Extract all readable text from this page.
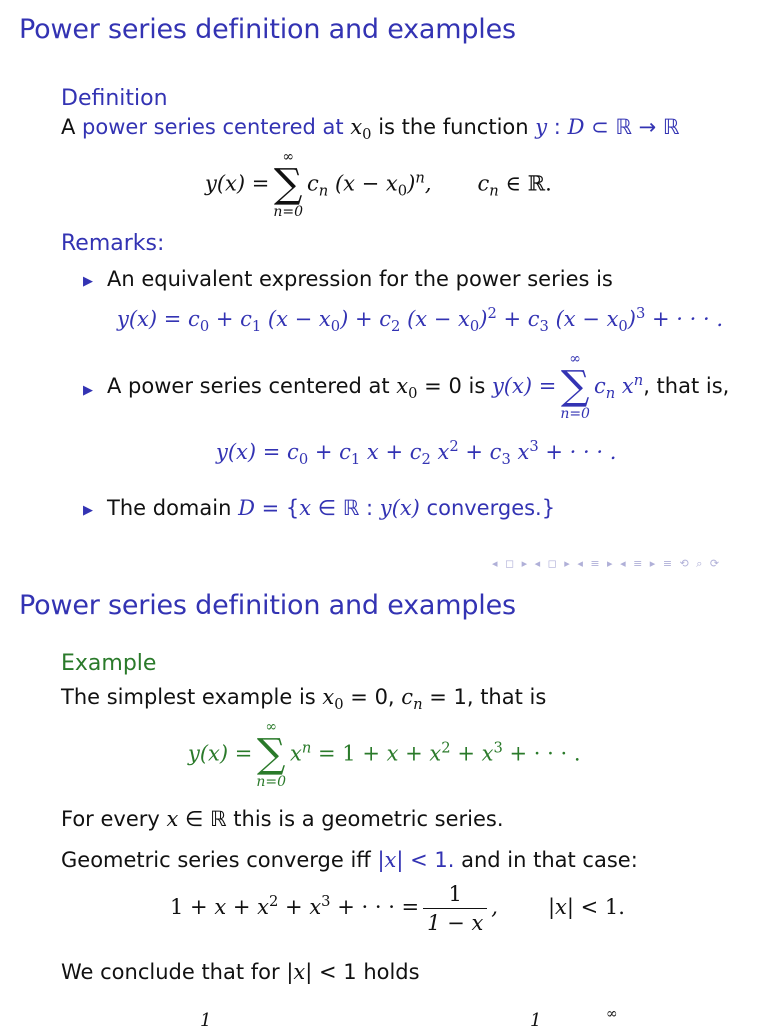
Power series definition and examples
Definition
A power series centered at $x_0$ is the function y : D ⊂ ℝ → ℝ
y(x) =
∞
∑
n=0
$c_n$ $(x - x_0)^n$, $c_n$ ∈ ℝ.
Remarks:
▶ An equivalent expression for the power series is
$y(x) = c_0 + c_1$ $(x - x_0) + c_2$ $(x - x_0)^2 + c_3$ $(x - x_0)^3$ + · · · .
▶ A power series centered at $x_0 = 0$ is y(x) =
∞
∑
n=0
$c_n$ $x^n$, that is,
$y(x) = c_0 + c_1$ $x + c_2$ $x^2 + c_3$ $x^3$ + · · · .
▶ The domain D = {x ∈ ℝ : y(x) converges.}
◂ ◻ ▸ ◂ ◻ ▸ ◂ ≡ ▸ ◂ ≡ ▸ ≡ ⟲ ⌕ ⟳
Power series definition and examples
Example
The simplest example is $x_0 = 0$, $c_n = 1$, that is
y(x) =
∞
∑
n=0
$x^n = 1 + x + x^2 + x^3$ + · · · .
For every x ∈ ℝ this is a geometric series.
Geometric series converge iff |x| < 1. and in that case:
$1 + x + x^2 + x^3$ + · · · = $\frac{1}{1 - x}$ , |x| < 1.
We conclude that for |x| < 1 holds
1	1	∞
